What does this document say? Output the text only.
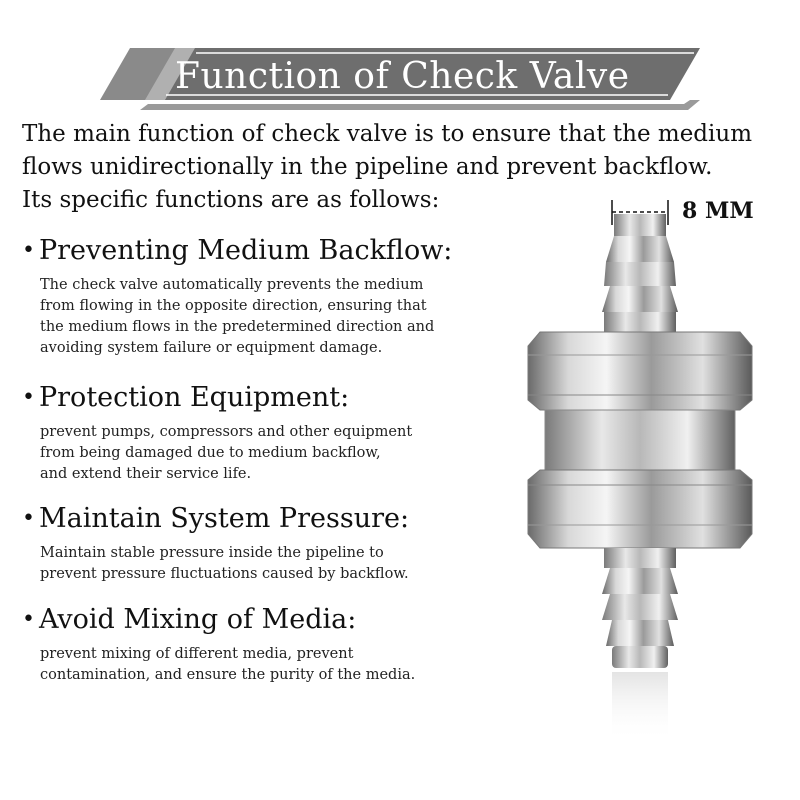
Function of Check Valve
The main function of check valve is to ensure that the medium
flows unidirectionally in the pipeline and prevent backflow.
Its specific functions are as follows:
• Preventing Medium Backflow:
The check valve automatically prevents the medium
from flowing in the opposite direction, ensuring that
the medium flows in the predetermined direction and
avoiding system failure or equipment damage.
• Protection Equipment:
prevent pumps, compressors and other equipment
from being damaged due to medium backflow,
and extend their service life.
• Maintain System Pressure:
Maintain stable pressure inside the pipeline to
prevent pressure fluctuations caused by backflow.
• Avoid Mixing of Media:
prevent mixing of different media, prevent
contamination, and ensure the purity of the media.
8 MM
